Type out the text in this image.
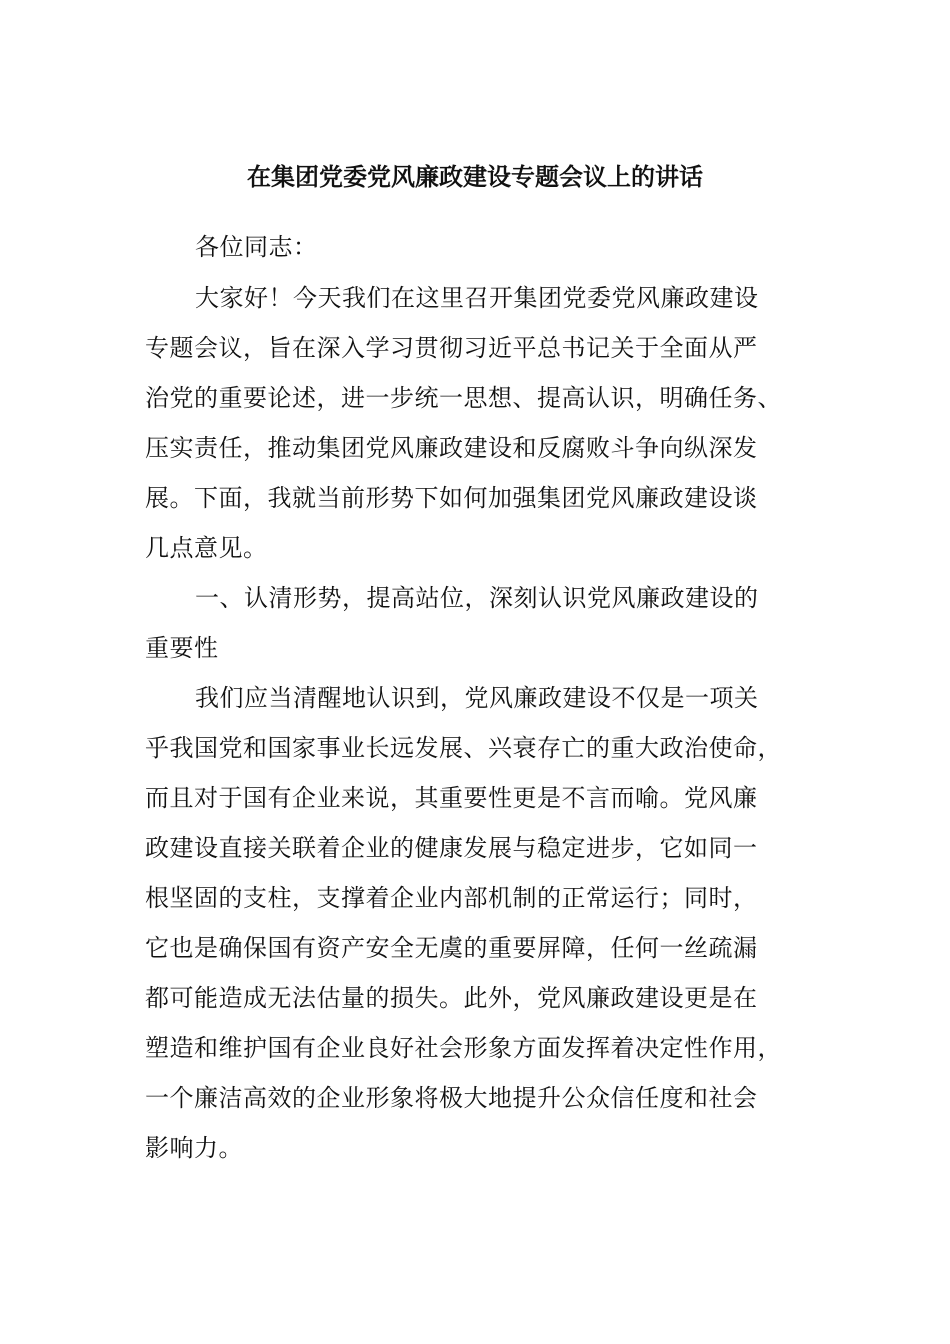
在集团党委党风廉政建设专题会议上的讲话
各位同志：
大家好！今天我们在这里召开集团党委党风廉政建设
专题会议，旨在深入学习贯彻习近平总书记关于全面从严
治党的重要论述，进一步统一思想、提高认识，明确任务、
压实责任，推动集团党风廉政建设和反腐败斗争向纵深发
展。下面，我就当前形势下如何加强集团党风廉政建设谈
几点意见。
一、认清形势，提高站位，深刻认识党风廉政建设的
重要性
我们应当清醒地认识到，党风廉政建设不仅是一项关
乎我国党和国家事业长远发展、兴衰存亡的重大政治使命，
而且对于国有企业来说，其重要性更是不言而喻。党风廉
政建设直接关联着企业的健康发展与稳定进步，它如同一
根坚固的支柱，支撑着企业内部机制的正常运行；同时，
它也是确保国有资产安全无虞的重要屏障，任何一丝疏漏
都可能造成无法估量的损失。此外，党风廉政建设更是在
塑造和维护国有企业良好社会形象方面发挥着决定性作用，
一个廉洁高效的企业形象将极大地提升公众信任度和社会
影响力。
